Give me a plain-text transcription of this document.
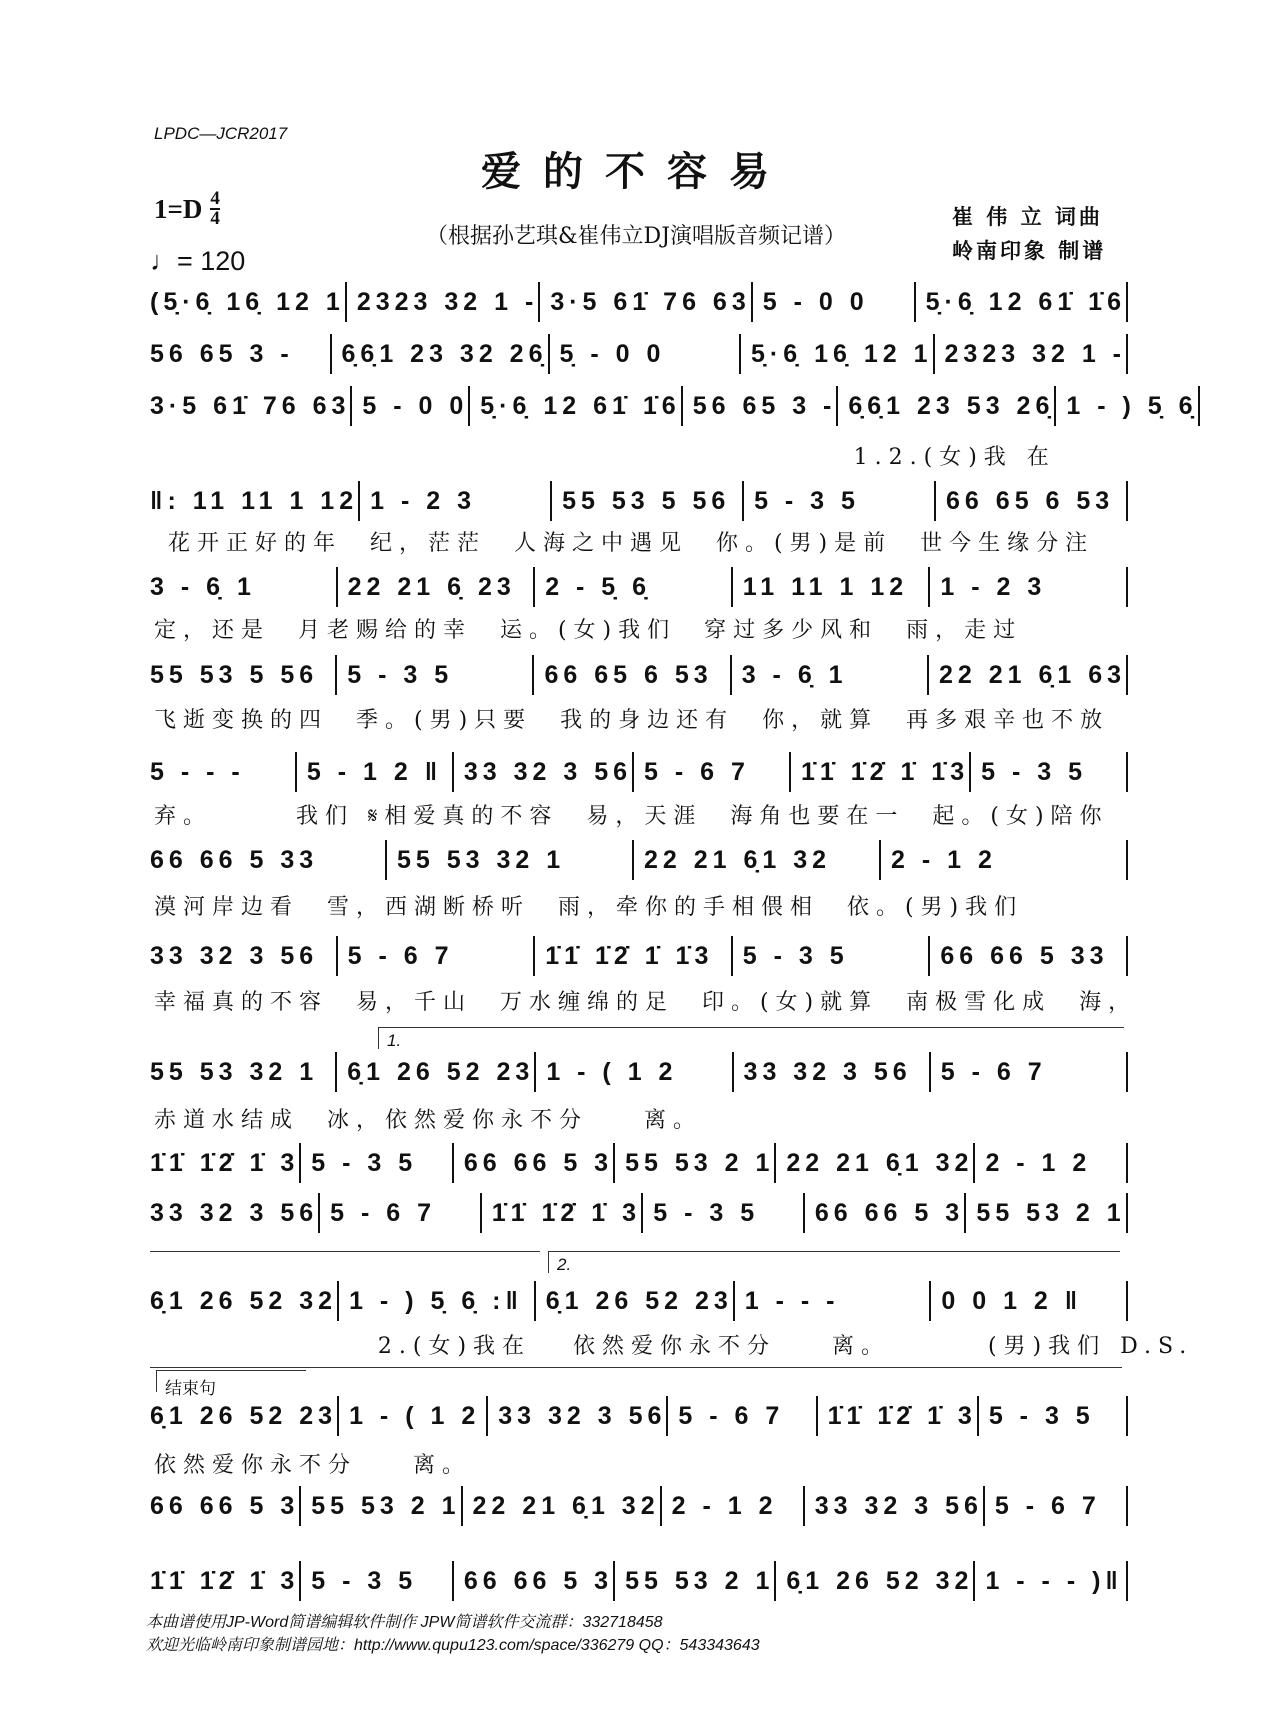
LPDC—JCR2017
爱的不容易
$1=D \frac{4}{4}$
♩= 120
（根据孙艺琪&崔伟立DJ演唱版音频记谱）
崔 伟 立 词曲
岭南印象 制谱
(5̣·6̣ 16̣ 12 1 2323 32 1 - 3·5 61̇ 76 63 5 - 0 0	5̣·6̣ 12 61̇ 1̇6
56 65 3 -	6̣6̣1 23 32 26̣ 5̣ - 0 0	5̣·6̣ 16̣ 12 1 2323 32 1 -
3·5 61̇ 76 63 5 - 0 0 5̣·6̣ 12 61̇ 1̇6 56 65 3 - 6̣6̣1 23 53 26̣ 1 - ) 5̣ 6̣
‖: 11 11 1 12 1 - 2 3	55 53 5 56 5 - 3 5	66 65 6 53
3 - 6̣ 1	22 21 6̣ 23	2 - 5̣ 6̣	11 11 1 12	1 - 2 3
55 53 5 56	5 - 3 5	66 65 6 53	3 - 6̣ 1	22 21 6̣1 63
5 - - -	5 - 1 2 ‖ 33 32 3 56 5 - 6 7	1̇1̇ 1̇2̇ 1̇ 1̇3 5 - 3 5
66 66 5 33	55 53 32 1	22 21 6̣1 32	2 - 1 2
33 32 3 56	5 - 6 7	1̇1̇ 1̇2̇ 1̇ 1̇3	5 - 3 5	66 66 5 33
55 53 32 1	6̣1 26 52 23 1 - ( 1 2	33 32 3 56	5 - 6 7
1̇1̇ 1̇2̇ 1̇ 3 5 - 3 5	66 66 5 3 55 53 2 1 22 21 6̣1 32 2 - 1 2
33 32 3 56 5 - 6 7	1̇1̇ 1̇2̇ 1̇ 3 5 - 3 5	66 66 5 3 55 53 2 1
6̣1 26 52 32 1 - ) 5̣ 6̣ :‖ 6̣1 26 52 23 1 - - -	0 0 1 2 ‖
6̣1 26 52 23 1 - ( 1 2 33 32 3 56 5 - 6 7	1̇1̇ 1̇2̇ 1̇ 3 5 - 3 5
66 66 5 3 55 53 2 1 22 21 6̣1 32 2 - 1 2	33 32 3 56 5 - 6 7
1̇1̇ 1̇2̇ 1̇ 3 5 - 3 5	66 66 5 3 55 53 2 1 6̣1 26 52 32 1 - - - )‖
1.2.(女)我 在
花开正好的年  纪，茫茫  人海之中遇见  你。(男)是前  世今生缘分注
定，还是  月老赐给的幸  运。(女)我们  穿过多少风和  雨，走过
飞逝变换的四  季。(男)只要  我的身边还有  你，就算  再多艰辛也不放
弃。      我们 𝄋相爱真的不容  易，天涯  海角也要在一  起。(女)陪你
漠河岸边看  雪，西湖断桥听  雨，牵你的手相偎相  依。(男)我们
幸福真的不容  易，千山  万水缠绵的足  印。(女)就算  南极雪化成  海，
赤道水结成  冰，依然爱你永不分    离。
2.(女)我在   依然爱你永不分    离。       (男)我们 D.S.
依然爱你永不分    离。
1.
2.
结束句
本曲谱使用JP-Word简谱编辑软件制作 JPW简谱软件交流群：332718458
欢迎光临岭南印象制谱园地：http://www.qupu123.com/space/336279 QQ：543343643
